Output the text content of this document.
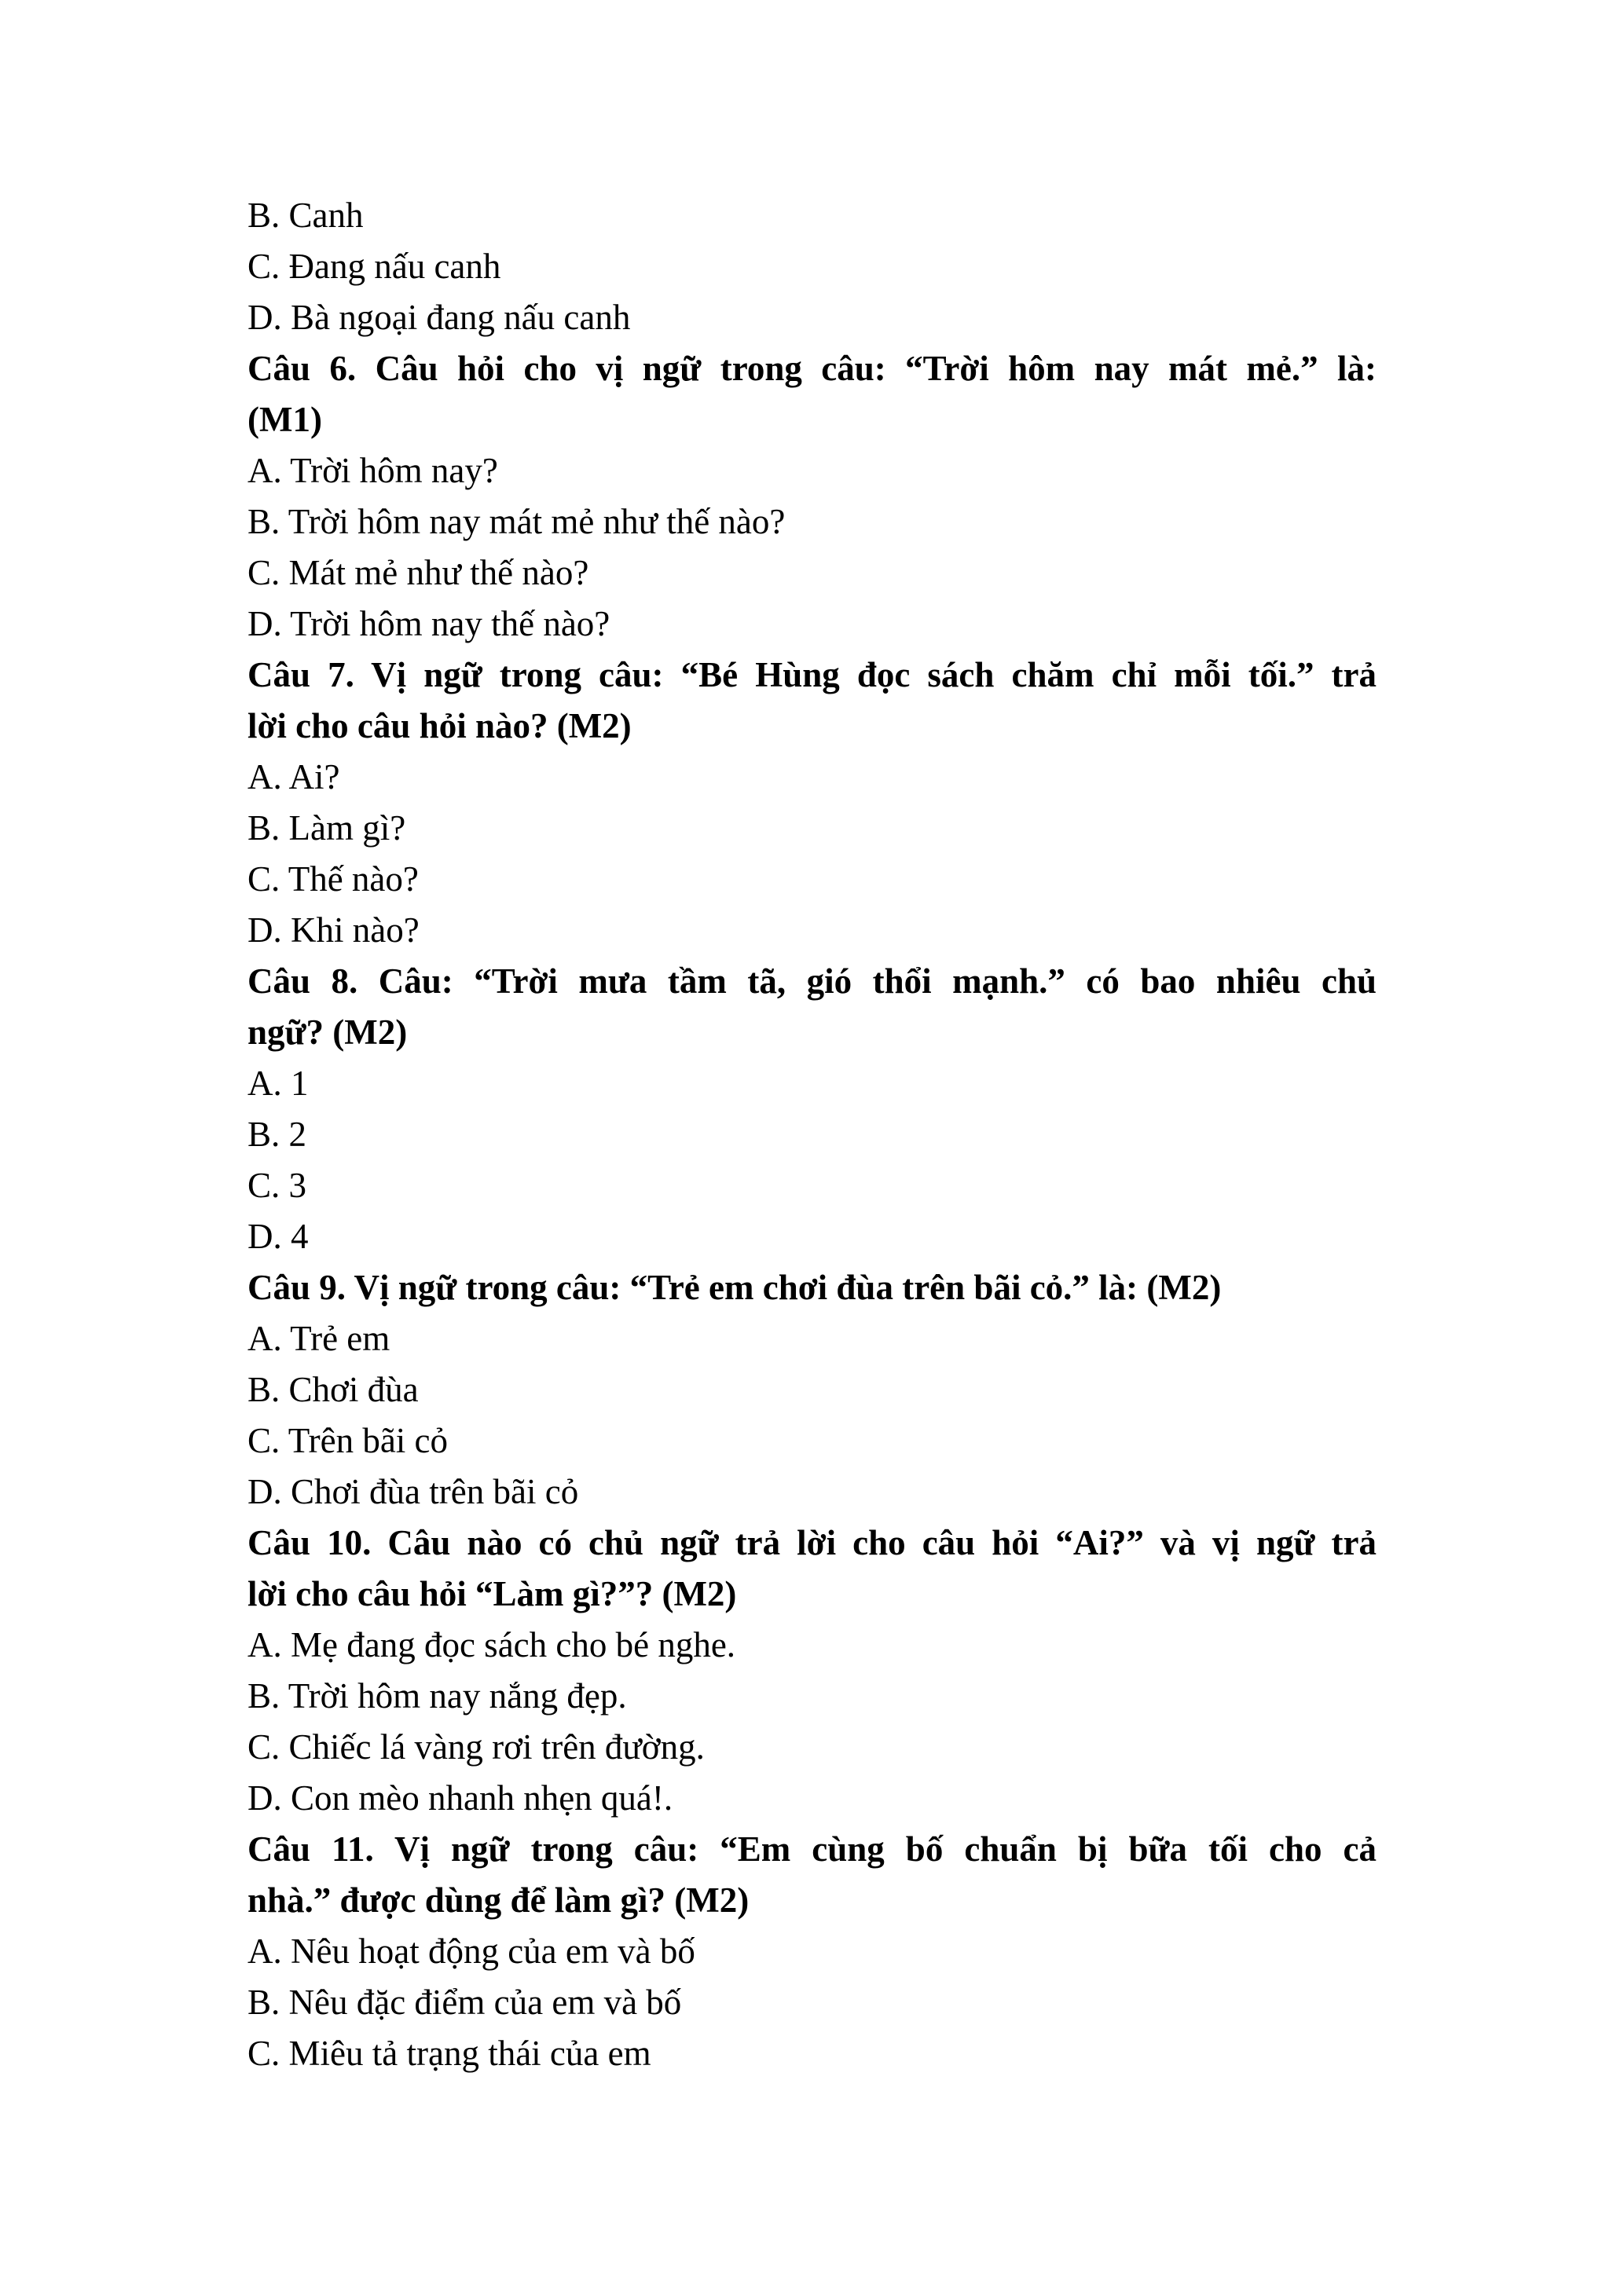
B. Canh
C. Đang nấu canh
D. Bà ngoại đang nấu canh
Câu 6. Câu hỏi cho vị ngữ trong câu: “Trời hôm nay mát mẻ.” là:
(M1)
A. Trời hôm nay?
B. Trời hôm nay mát mẻ như thế nào?
C. Mát mẻ như thế nào?
D. Trời hôm nay thế nào?
Câu 7. Vị ngữ trong câu: “Bé Hùng đọc sách chăm chỉ mỗi tối.” trả
lời cho câu hỏi nào? (M2)
A. Ai?
B. Làm gì?
C. Thế nào?
D. Khi nào?
Câu 8. Câu: “Trời mưa tầm tã, gió thổi mạnh.” có bao nhiêu chủ
ngữ? (M2)
A. 1
B. 2
C. 3
D. 4
Câu 9. Vị ngữ trong câu: “Trẻ em chơi đùa trên bãi cỏ.” là: (M2)
A. Trẻ em
B. Chơi đùa
C. Trên bãi cỏ
D. Chơi đùa trên bãi cỏ
Câu 10. Câu nào có chủ ngữ trả lời cho câu hỏi “Ai?” và vị ngữ trả
lời cho câu hỏi “Làm gì?”? (M2)
A. Mẹ đang đọc sách cho bé nghe.
B. Trời hôm nay nắng đẹp.
C. Chiếc lá vàng rơi trên đường.
D. Con mèo nhanh nhẹn quá!.
Câu 11. Vị ngữ trong câu: “Em cùng bố chuẩn bị bữa tối cho cả
nhà.” được dùng để làm gì? (M2)
A. Nêu hoạt động của em và bố
B. Nêu đặc điểm của em và bố
C. Miêu tả trạng thái của em
